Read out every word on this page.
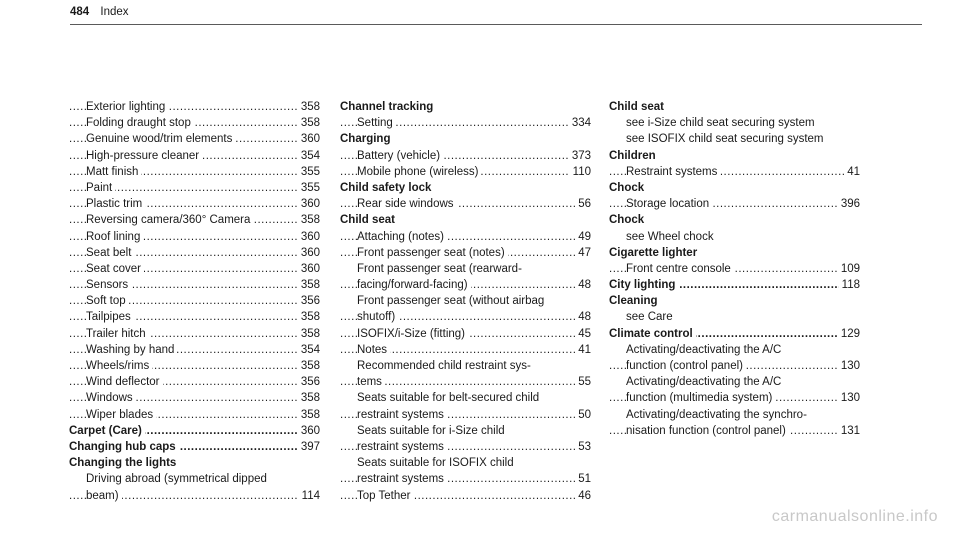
484 Index
Exterior lighting	358
.....
Folding draught stop	358
.....
Genuine wood/trim elements	360
.....
High-pressure cleaner	354
.....
Matt finish	355
.....
Paint	355
.....
Plastic trim	360
.....
Reversing camera/360° Camera	358
.....
Roof lining	360
.....
Seat belt	360
.....
Seat cover	360
.....
Sensors	358
.....
Soft top	356
.....
Tailpipes	358
.....
Trailer hitch	358
.....
Washing by hand	354
.....
Wheels/rims	358
.....
Wind deflector	356
.....
Windows	358
.....
Wiper blades	358
.....
Carpet (Care)	360
.....
Changing hub caps	397
.....
Changing the lights
Driving abroad (symmetrical dipped
beam)	114
.....
Channel tracking
Setting	334
.....
Charging
Battery (vehicle)	373
.....
Mobile phone (wireless)	110
.....
Child safety lock
Rear side windows	56
.....
Child seat
Attaching (notes)	49
.....
Front passenger seat (notes)	47
.....
Front passenger seat (rearward-
facing/forward-facing)	48
.....
Front passenger seat (without airbag
shutoff)	48
.....
ISOFIX/i-Size (fitting)	45
.....
Notes	41
.....
Recommended child restraint sys-
tems	55
.....
Seats suitable for belt-secured child
restraint systems	50
.....
Seats suitable for i-Size child
restraint systems	53
.....
Seats suitable for ISOFIX child
restraint systems	51
.....
Top Tether	46
.....
Child seat
see i-Size child seat securing system
see ISOFIX child seat securing system
Children
Restraint systems	41
.....
Chock
Storage location	396
.....
Chock
see Wheel chock
Cigarette lighter
Front centre console	109
.....
City lighting	118
.....
Cleaning
see Care
Climate control	129
.....
Activating/deactivating the A/C
function (control panel)	130
.....
Activating/deactivating the A/C
function (multimedia system)	130
.....
Activating/deactivating the synchro-
nisation function (control panel)	131
.....
carmanualsonline.info
